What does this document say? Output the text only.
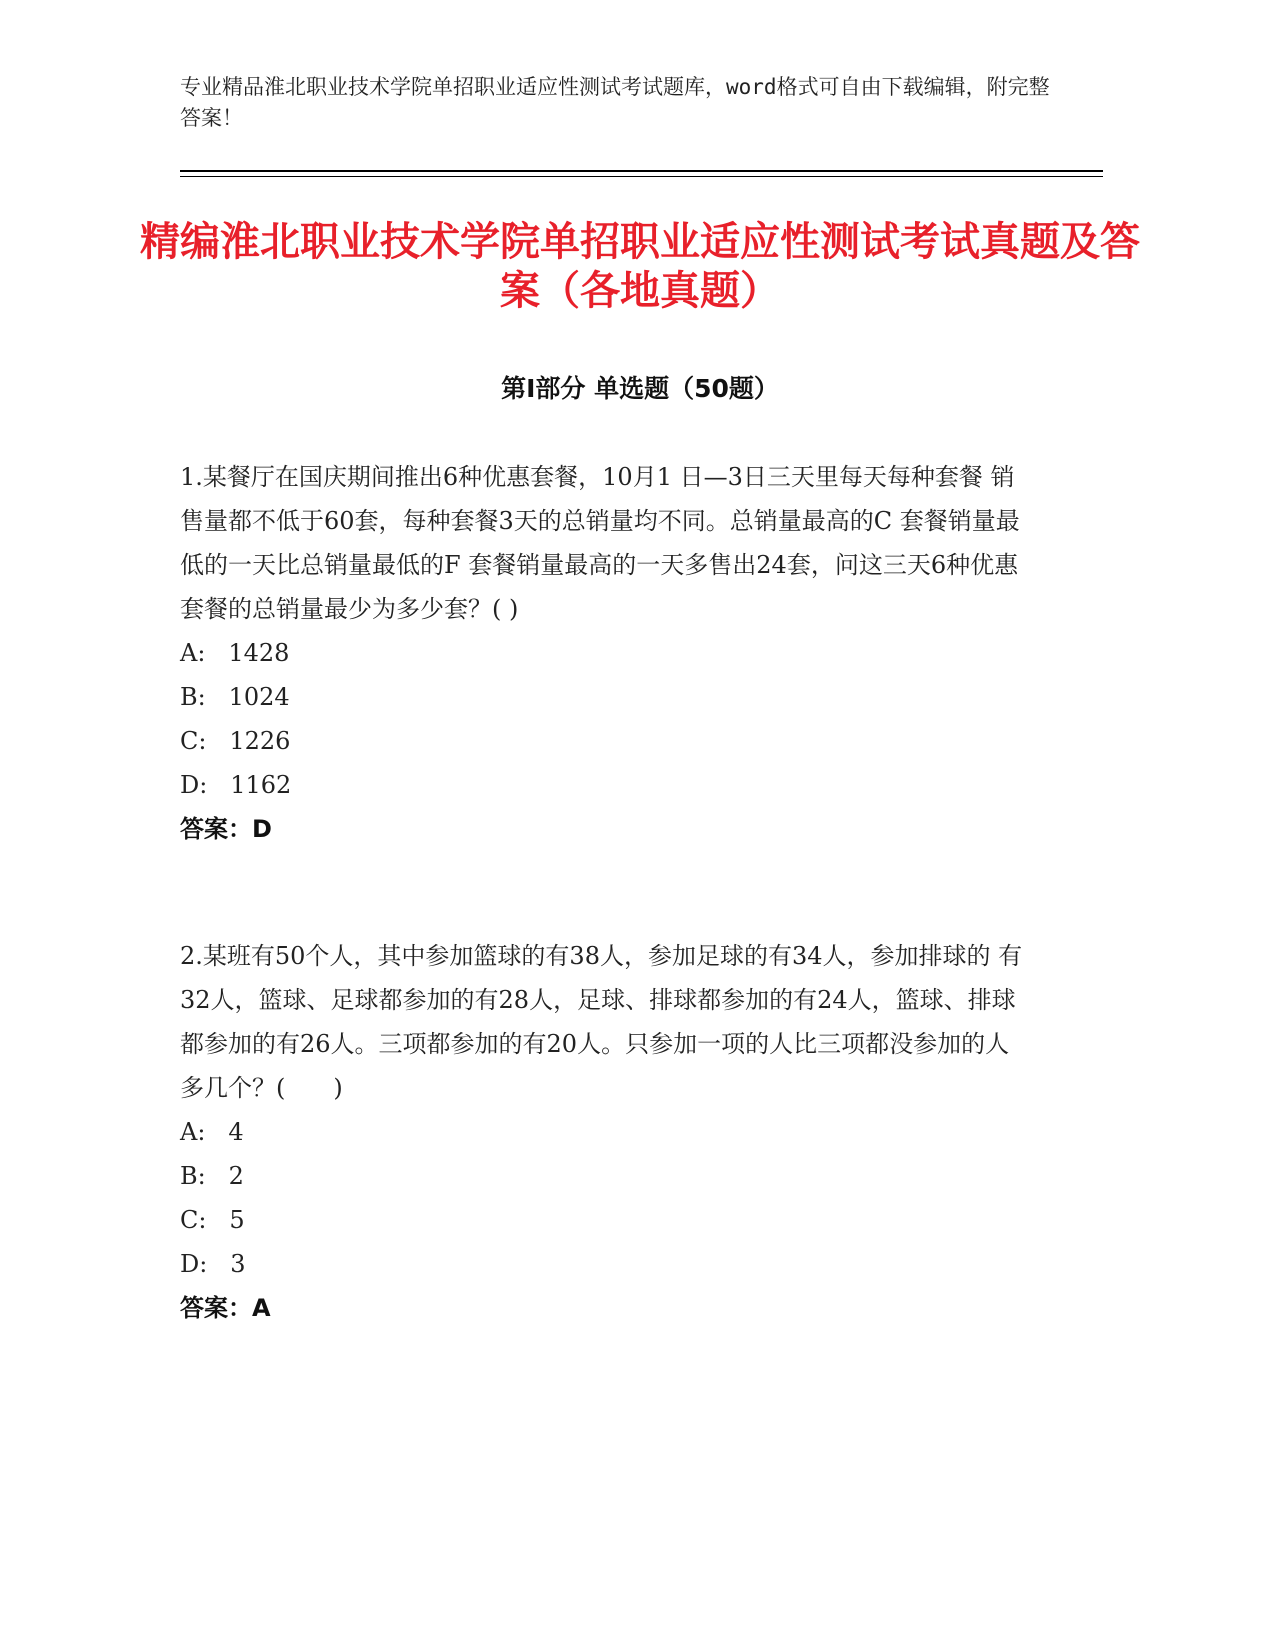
专业精品淮北职业技术学院单招职业适应性测试考试题库，word格式可自由下载编辑，附完整答案！
精编淮北职业技术学院单招职业适应性测试考试真题及答案（各地真题）
第Ⅰ部分 单选题（50题）

1.某餐厅在国庆期间推出6种优惠套餐，10月1 日—3日三天里每天每种套餐 销售量都不低于60套，每种套餐3天的总销量均不同。总销量最高的C 套餐销量最低的一天比总销量最低的F 套餐销量最高的一天多售出24套，问这三天6种优惠套餐的总销量最少为多少套？( )

A: 1428

B: 1024

C: 1226

D: 1162

答案：D

2.某班有50个人，其中参加篮球的有38人，参加足球的有34人，参加排球的 有32人，篮球、足球都参加的有28人，足球、排球都参加的有24人，篮球、排球 都参加的有26人。三项都参加的有20人。只参加一项的人比三项都没参加的人多几个？(　　)

A: 4

B: 2

C: 5

D: 3

答案：A
